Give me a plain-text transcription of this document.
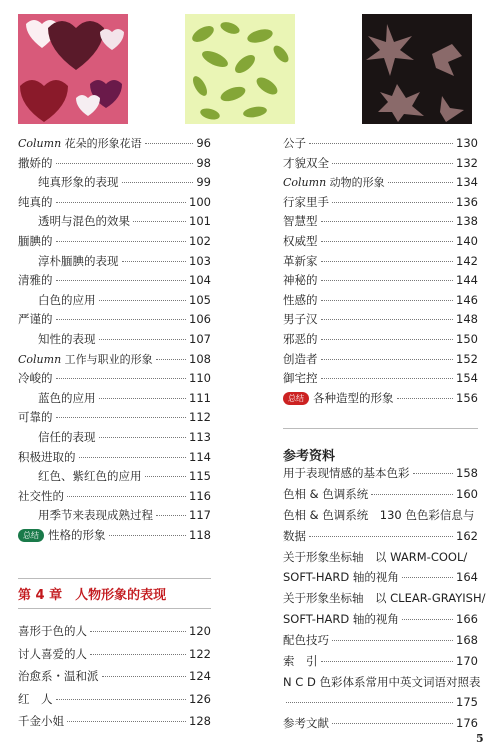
第 4 章　人物形象的表现
参考资料
5
Column 花朵的形象花语	96
撒娇的	98
纯真形象的表现	99
纯真的	100
透明与混色的效果	101
腼腆的	102
淳朴腼腆的表现	103
清雅的	104
白色的应用	105
严谨的	106
知性的表现	107
Column 工作与职业的形象	108
冷峻的	110
蓝色的应用	111
可靠的	112
信任的表现	113
积极进取的	114
红色、紫红色的应用	115
社交性的	116
用季节来表现成熟过程	117
总结 性格的形象	118
喜形于色的人	120
讨人喜爱的人	122
治愈系・温和派	124
红　人	126
千金小姐	128
公子	130
才貌双全	132
Column 动物的形象	134
行家里手	136
智慧型	138
权威型	140
革新家	142
神秘的	144
性感的	146
男子汉	148
邪恶的	150
创造者	152
御宅控	154
总结 各种造型的形象	156
用于表现情感的基本色彩	158
色相 & 色调系统	160
色相 & 色调系统　130 色色彩信息与
数据	162
关于形象坐标轴　以 WARM-COOL/
SOFT-HARD 轴的视角	164
关于形象坐标轴　以 CLEAR-GRAYISH/
SOFT-HARD 轴的视角	166
配色技巧	168
索　引	170
N C D 色彩体系常用中英文词语对照表
175
参考文献	176
